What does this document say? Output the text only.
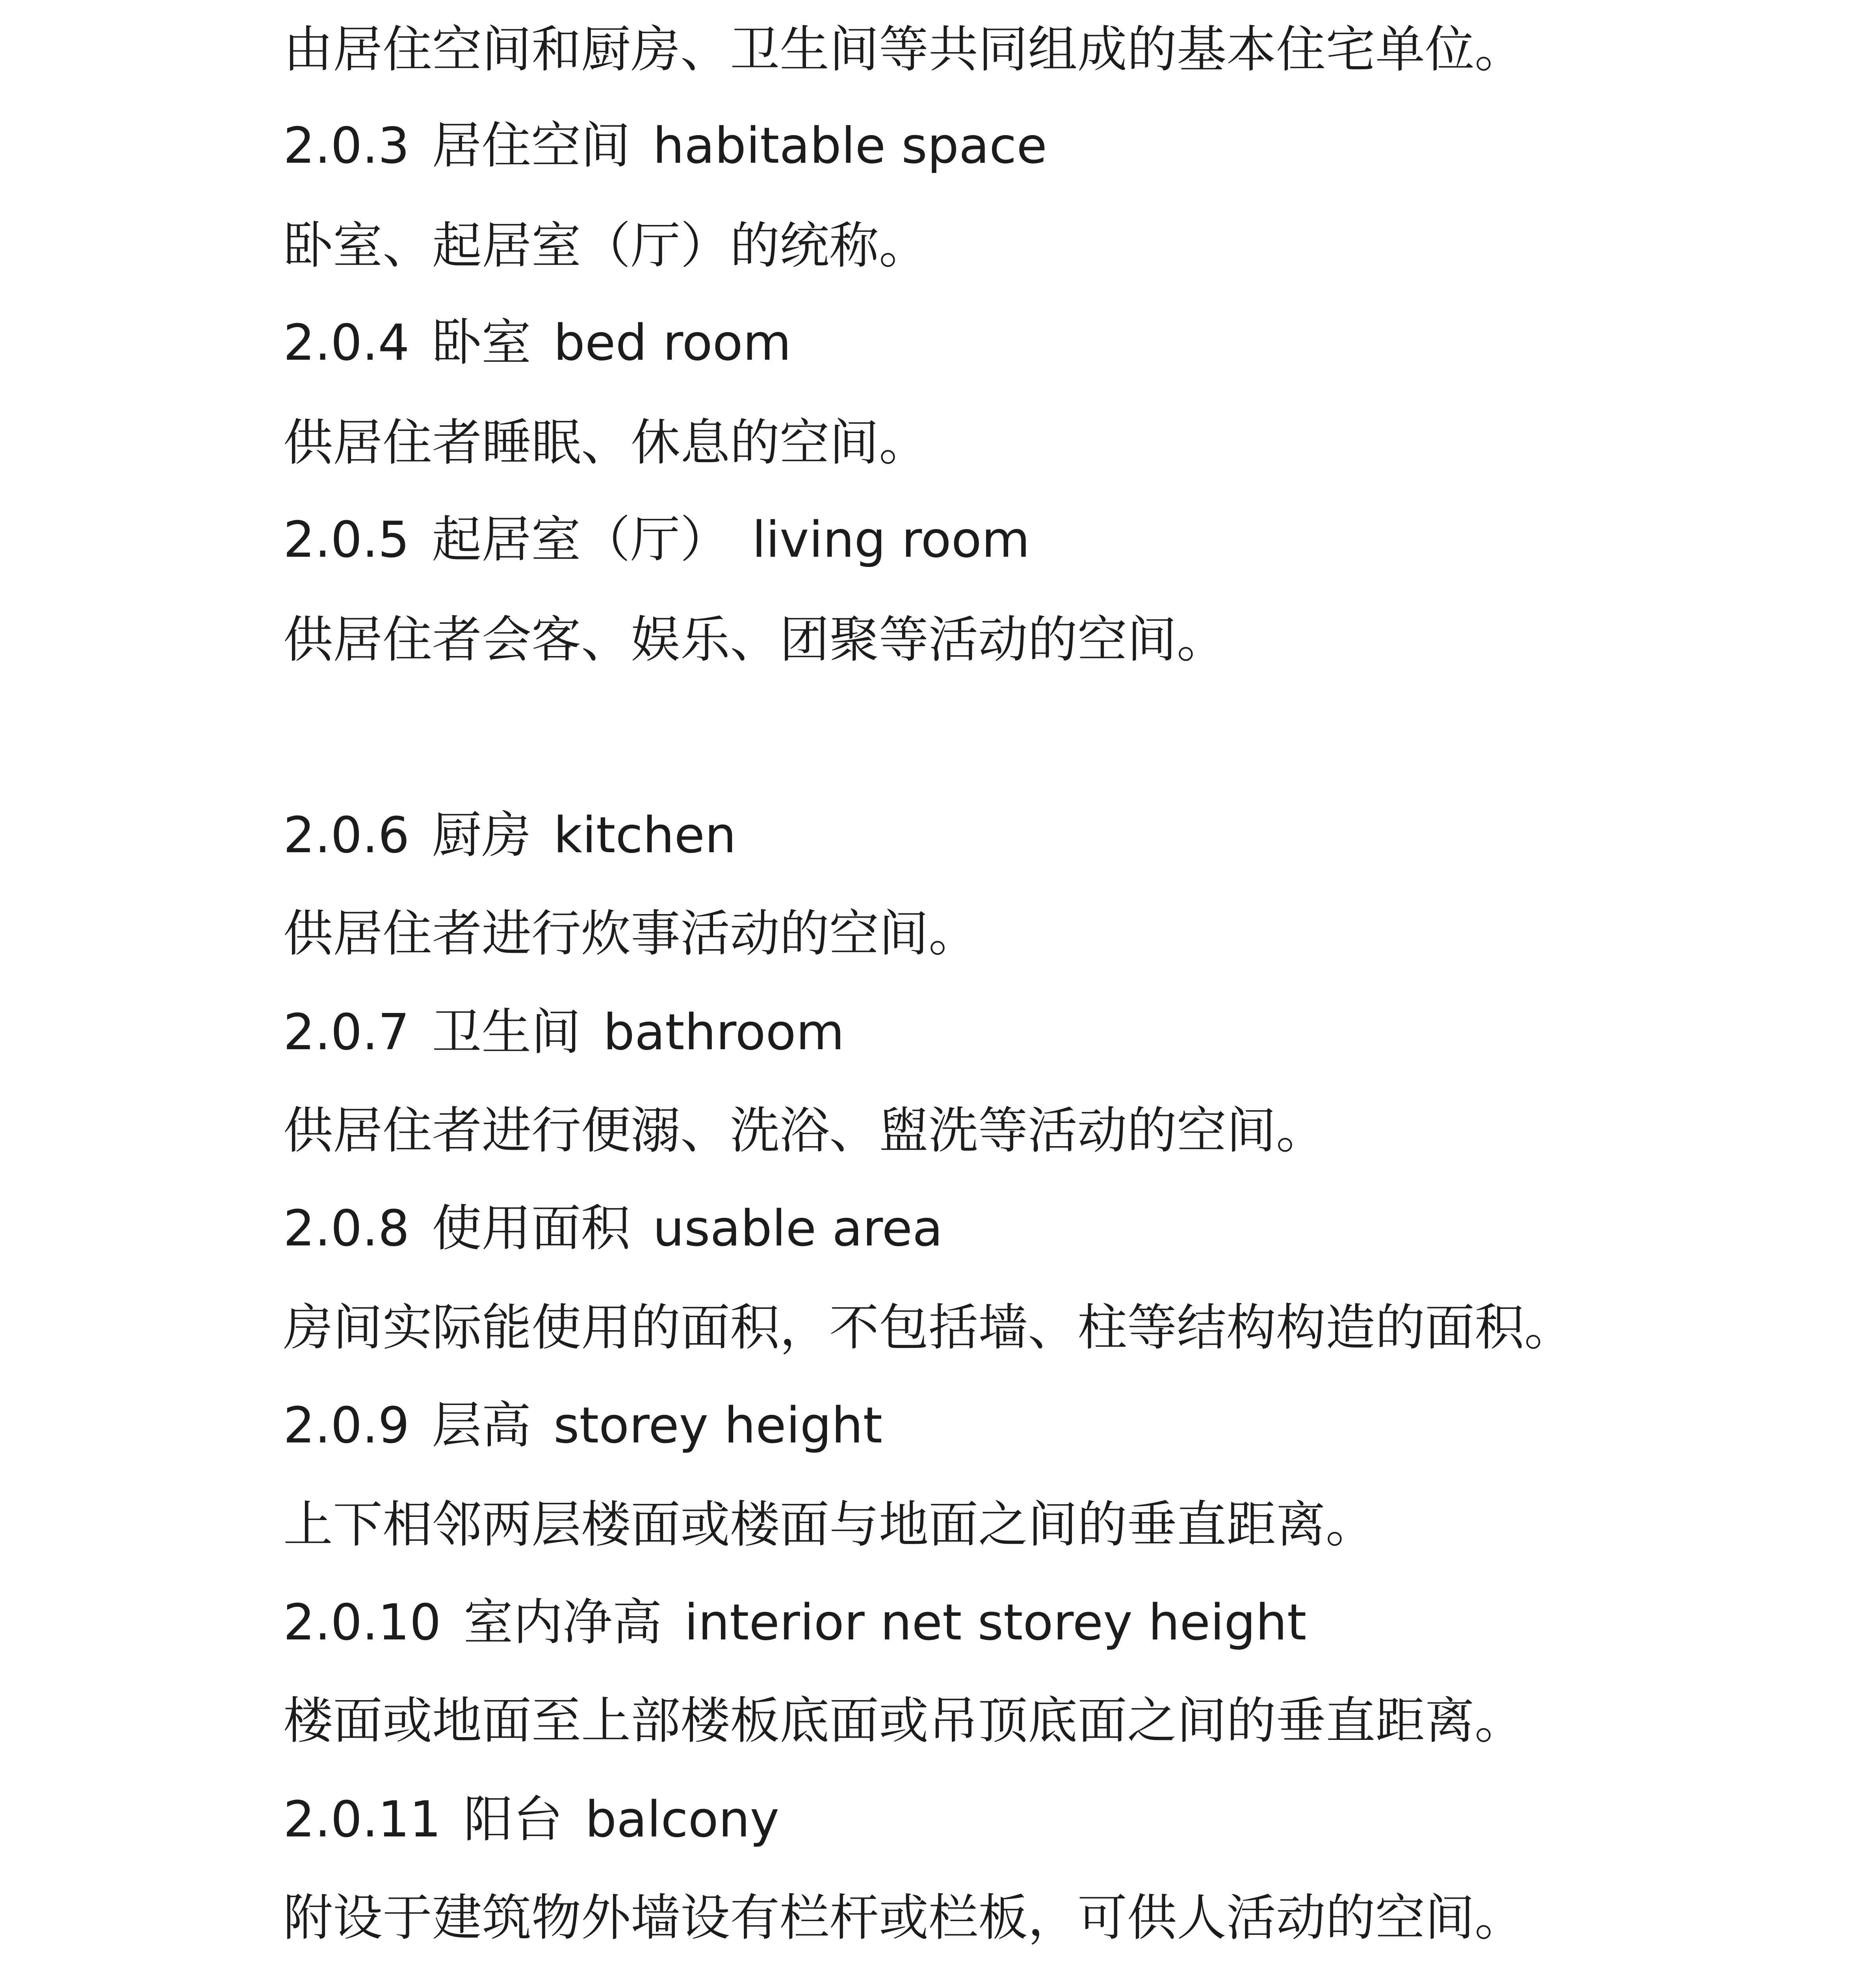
由居住空间和厨房、卫生间等共同组成的基本住宅单位。
2.0.3 居住空间 habitable space
卧室、起居室（厅）的统称。
2.0.4 卧室 bed room
供居住者睡眠、休息的空间。
2.0.5 起居室（厅） living room
供居住者会客、娱乐、团聚等活动的空间。
2.0.6 厨房 kitchen
供居住者进行炊事活动的空间。
2.0.7 卫生间 bathroom
供居住者进行便溺、洗浴、盥洗等活动的空间。
2.0.8 使用面积 usable area
房间实际能使用的面积，不包括墙、柱等结构构造的面积。
2.0.9 层高 storey height
上下相邻两层楼面或楼面与地面之间的垂直距离。
2.0.10 室内净高 interior net storey height
楼面或地面至上部楼板底面或吊顶底面之间的垂直距离。
2.0.11 阳台 balcony
附设于建筑物外墙设有栏杆或栏板，可供人活动的空间。
